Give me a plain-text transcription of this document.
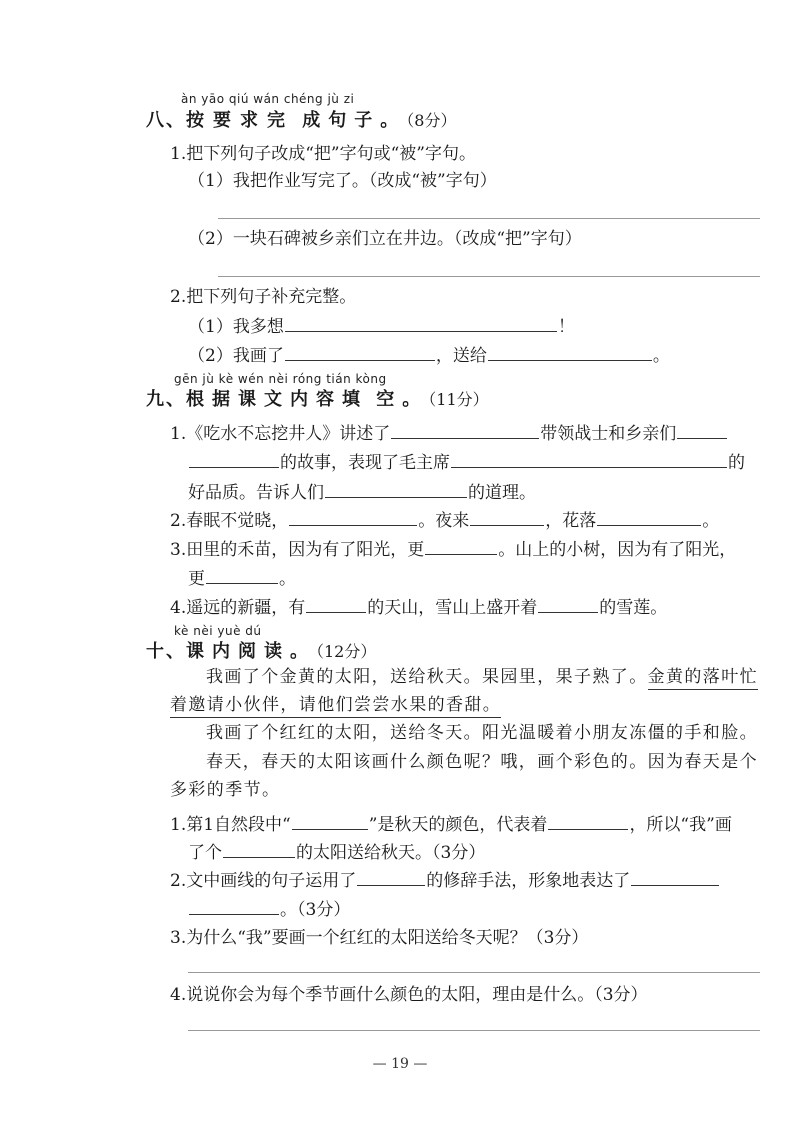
àn yāo qiú wán chéng jù zi
八、按要求完 成句子。（8分）
1.把下列句子改成“把”字句或“被”字句。
（1）我把作业写完了。（改成“被”字句）
（2）一块石碑被乡亲们立在井边。（改成“把”字句）
2.把下列句子补充完整。
（1）我多想	！
（2）我画了	，送给	。
gēn jù kè wén nèi róng tián kòng
九、根据课文内容填 空。（11分）
1.《吃水不忘挖井人》讲述了	带领战士和乡亲们
的故事，表现了毛主席	的
好品质。告诉人们	的道理。
2.春眠不觉晓，	。夜来	，花落	。
3.田里的禾苗，因为有了阳光，更	。山上的小树，因为有了阳光，
更	。
4.遥远的新疆，有	的天山，雪山上盛开着	的雪莲。
kè nèi yuè dú
十、课内阅读。（12分）
我画了个金黄的太阳，送给秋天。果园里，果子熟了。金黄的落叶忙
着邀请小伙伴，请他们尝尝水果的香甜。
我画了个红红的太阳，送给冬天。阳光温暖着小朋友冻僵的手和脸。
春天，春天的太阳该画什么颜色呢？哦，画个彩色的。因为春天是个
多彩的季节。
1.第1自然段中“	”是秋天的颜色，代表着	，所以“我”画
了个	的太阳送给秋天。（3分）
2.文中画线的句子运用了	的修辞手法，形象地表达了
。（3分）
3.为什么“我”要画一个红红的太阳送给冬天呢？（3分）
4.说说你会为每个季节画什么颜色的太阳，理由是什么。（3分）
— 19 —
